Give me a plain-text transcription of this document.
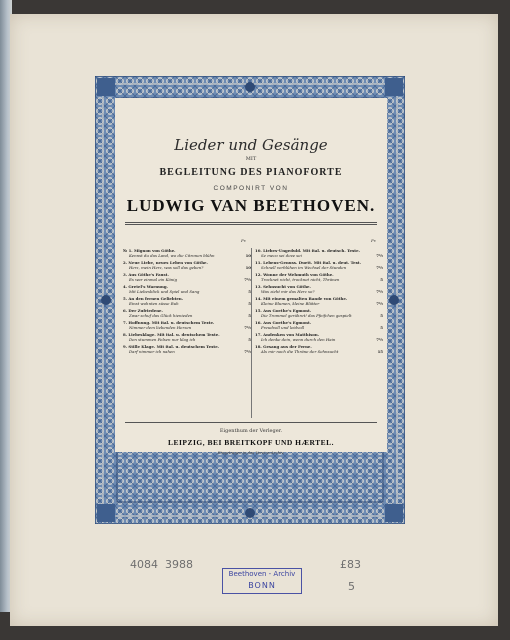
Lieder und Gesänge
MIT
BEGLEITUNG DES PIANOFORTE
COMPONIRT VON
LUDWIG VAN BEETHOVEN.
Pr.	Pr.
№ 1. Mignon von Göthe.
Kennst du das Land, wo die Citronen blühn	10
2. Neue Liebe, neues Leben von Göthe.
Herz, mein Herz, was soll das geben?	10
3. Aus Göthe's Faust.
Es war einmal ein König	7½
4. Gretel's Warnung.
Mit Liebesblick und Spiel und Sang	5
5. An den fernen Geliebten.
Einst wohnten süsse Ruh	5
6. Der Zufriedene.
Zwar schuf das Glück hienieden	5
7. Hoffnung. Mit ital. u. deutschem Texte.
Nimmer dem liebenden Herzen	7½
8. Liebesklage. Mit ital. u. deutschem Texte.
Den stummen Felsen nur klag ich	5
9. Stille Klage. Mit ital. u. deutschem Texte.
Darf nimmer ich nahen	7½
10. Liebes-Ungeduld. Mit ital. u. deutsch. Texte.
Se meco sei dove sei	7½
11. Lebens-Genuss. Duett. Mit ital. u. deut. Text.
Schnell verblühen im Wechsel der Stunden	7½
12. Wonne der Wehmuth von Göthe.
Trocknet nicht, trocknet nicht, Thränen	5
13. Sehnsucht von Göthe.
Was zieht mir das Herz so?	7½
14. Mit einem gemalten Bande von Göthe.
Kleine Blumen, kleine Blätter	7½
15. Aus Goethe's Egmont.
Die Trommel gerühret! das Pfeifchen gespielt	5
16. Aus Goethe's Egmont.
Freudvoll und leidvoll	5
17. Andenken von Matthison.
Ich denke dein, wenn durch den Hain	7½
18. Gesang aus der Ferne.
Als mir noch die Thräne der Sehnsucht	15
Eigenthum der Verleger.
LEIPZIG, BEI BREITKOPF UND HÆRTEL.
Eingetragen in das Vereins-Archiv.
4084 3988	£83
5
Beethoven - Archiv
BONN
